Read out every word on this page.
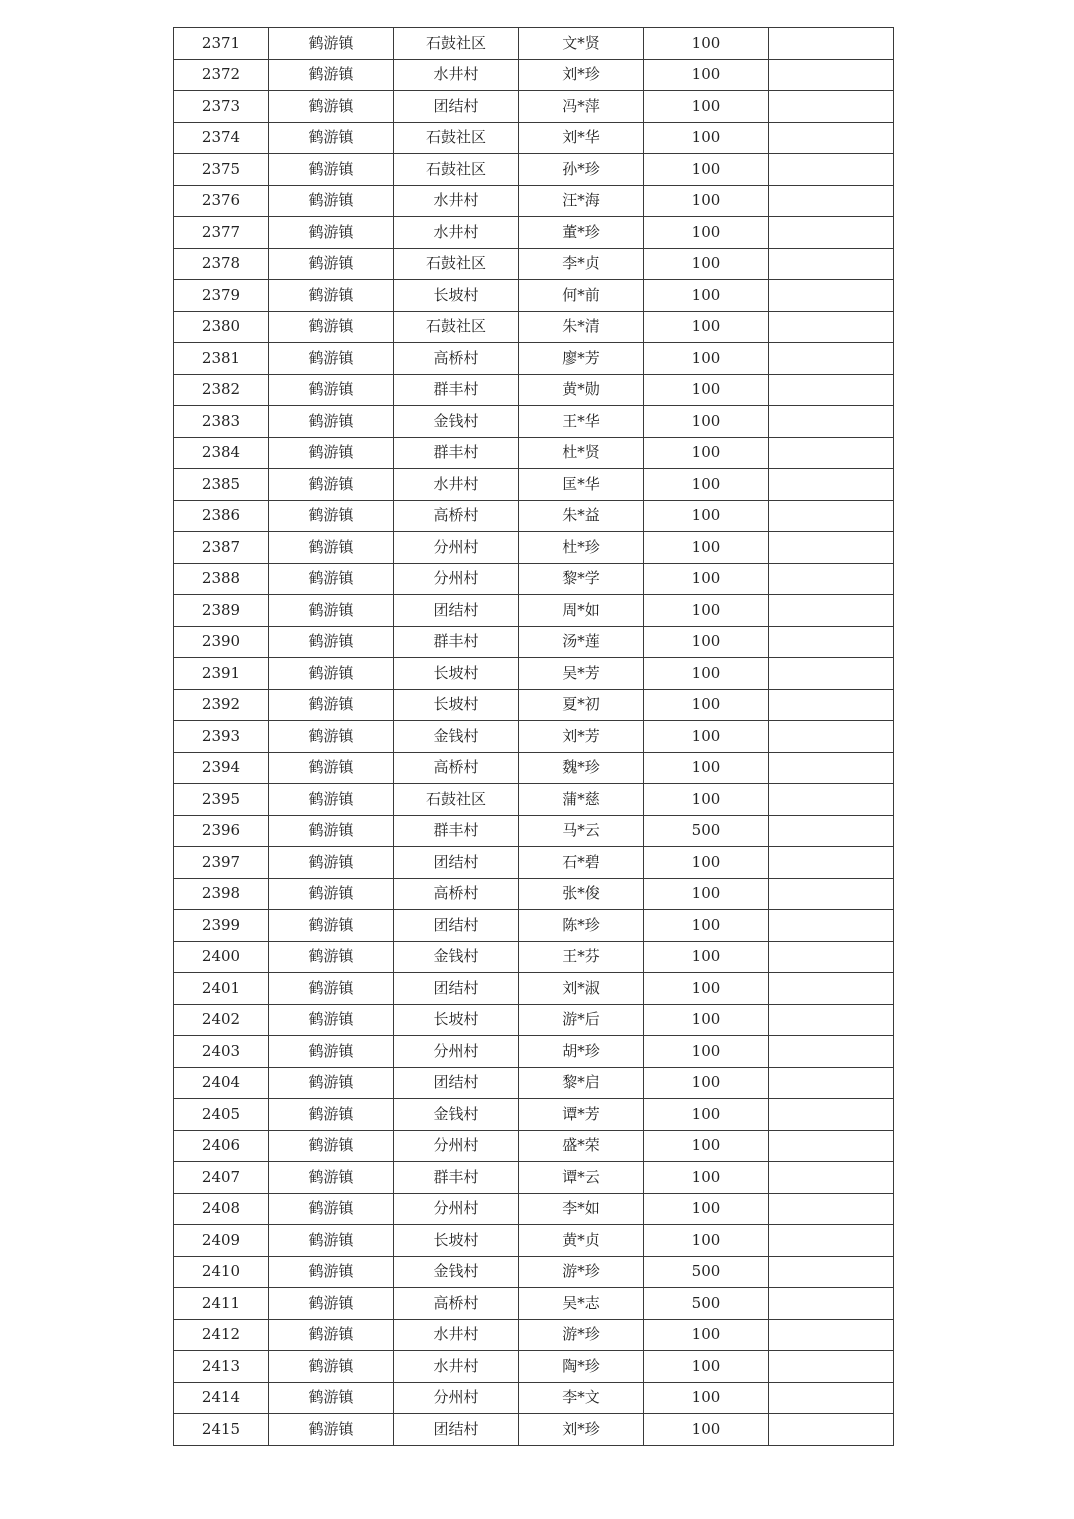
2371	鹤游镇	石鼓社区	文*贤	100	
2372	鹤游镇	水井村	刘*珍	100	
2373	鹤游镇	团结村	冯*萍	100	
2374	鹤游镇	石鼓社区	刘*华	100	
2375	鹤游镇	石鼓社区	孙*珍	100	
2376	鹤游镇	水井村	汪*海	100	
2377	鹤游镇	水井村	董*珍	100	
2378	鹤游镇	石鼓社区	李*贞	100	
2379	鹤游镇	长坡村	何*前	100	
2380	鹤游镇	石鼓社区	朱*清	100	
2381	鹤游镇	高桥村	廖*芳	100	
2382	鹤游镇	群丰村	黄*勋	100	
2383	鹤游镇	金钱村	王*华	100	
2384	鹤游镇	群丰村	杜*贤	100	
2385	鹤游镇	水井村	匡*华	100	
2386	鹤游镇	高桥村	朱*益	100	
2387	鹤游镇	分州村	杜*珍	100	
2388	鹤游镇	分州村	黎*学	100	
2389	鹤游镇	团结村	周*如	100	
2390	鹤游镇	群丰村	汤*莲	100	
2391	鹤游镇	长坡村	吴*芳	100	
2392	鹤游镇	长坡村	夏*初	100	
2393	鹤游镇	金钱村	刘*芳	100	
2394	鹤游镇	高桥村	魏*珍	100	
2395	鹤游镇	石鼓社区	蒲*慈	100	
2396	鹤游镇	群丰村	马*云	500	
2397	鹤游镇	团结村	石*碧	100	
2398	鹤游镇	高桥村	张*俊	100	
2399	鹤游镇	团结村	陈*珍	100	
2400	鹤游镇	金钱村	王*芬	100	
2401	鹤游镇	团结村	刘*淑	100	
2402	鹤游镇	长坡村	游*后	100	
2403	鹤游镇	分州村	胡*珍	100	
2404	鹤游镇	团结村	黎*启	100	
2405	鹤游镇	金钱村	谭*芳	100	
2406	鹤游镇	分州村	盛*荣	100	
2407	鹤游镇	群丰村	谭*云	100	
2408	鹤游镇	分州村	李*如	100	
2409	鹤游镇	长坡村	黄*贞	100	
2410	鹤游镇	金钱村	游*珍	500	
2411	鹤游镇	高桥村	吴*志	500	
2412	鹤游镇	水井村	游*珍	100	
2413	鹤游镇	水井村	陶*珍	100	
2414	鹤游镇	分州村	李*文	100	
2415	鹤游镇	团结村	刘*珍	100	
